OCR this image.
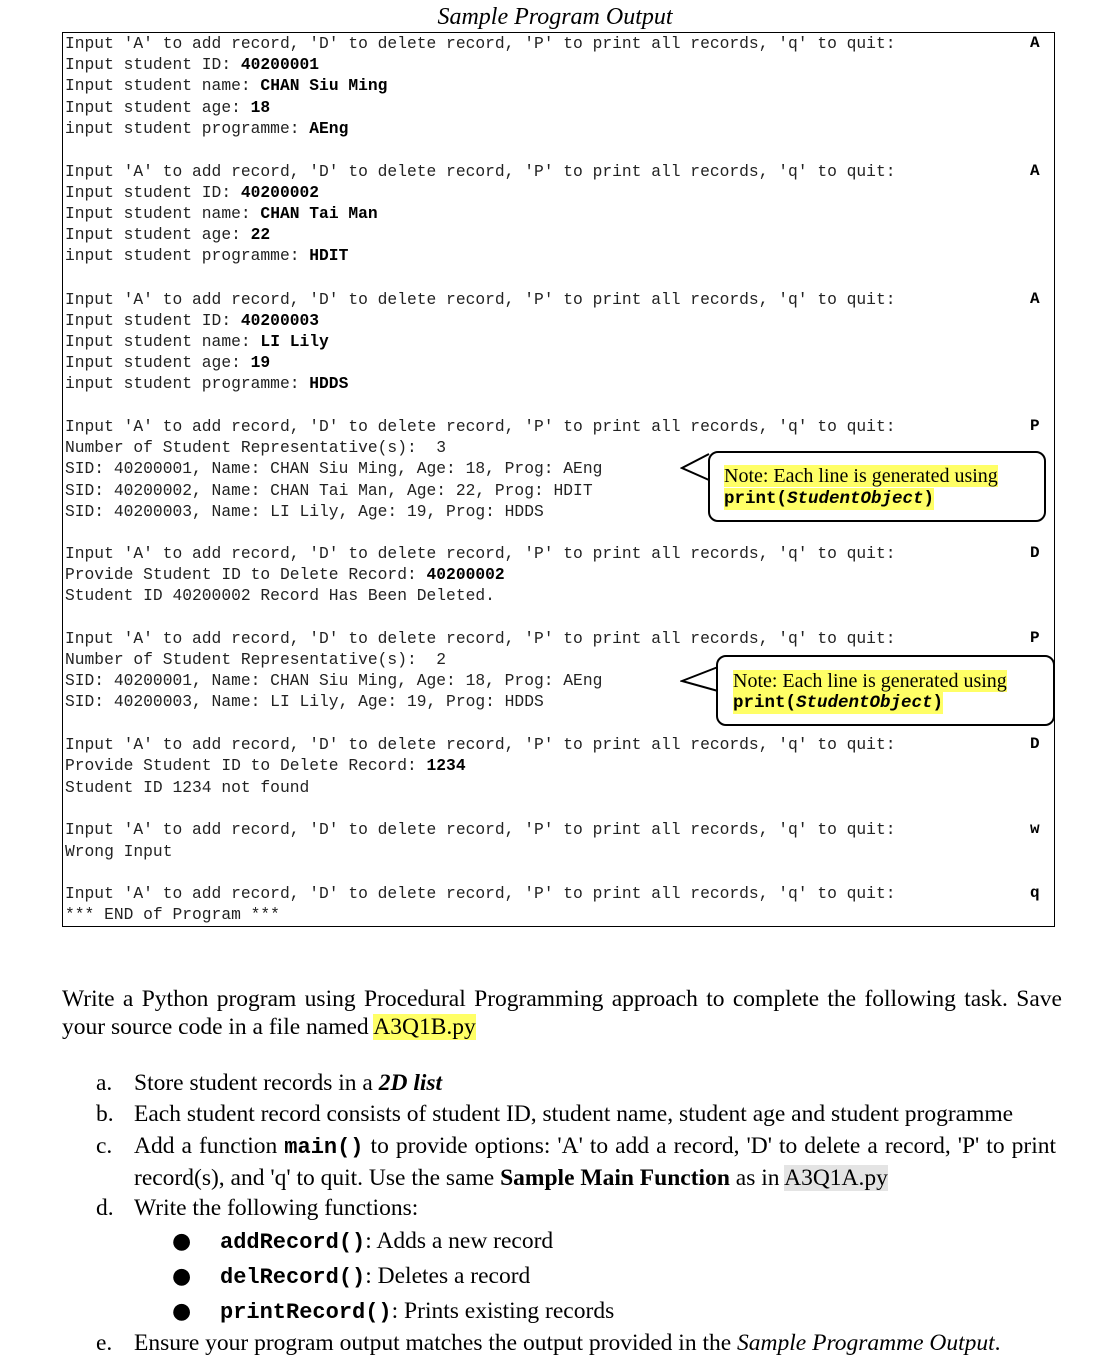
Sample Program Output
Input 'A' to add record, 'D' to delete record, 'P' to print all records, 'q' to quit:	A
Input student ID: 40200001
Input student name: CHAN Siu Ming
Input student age: 18
input student programme: AEng
Input 'A' to add record, 'D' to delete record, 'P' to print all records, 'q' to quit:	A
Input student ID: 40200002
Input student name: CHAN Tai Man
Input student age: 22
input student programme: HDIT
Input 'A' to add record, 'D' to delete record, 'P' to print all records, 'q' to quit:	A
Input student ID: 40200003
Input student name: LI Lily
Input student age: 19
input student programme: HDDS
Input 'A' to add record, 'D' to delete record, 'P' to print all records, 'q' to quit:	P
Number of Student Representative(s):  3
SID: 40200001, Name: CHAN Siu Ming, Age: 18, Prog: AEng
SID: 40200002, Name: CHAN Tai Man, Age: 22, Prog: HDIT
SID: 40200003, Name: LI Lily, Age: 19, Prog: HDDS
Note: Each line is generated using
print(StudentObject)
Input 'A' to add record, 'D' to delete record, 'P' to print all records, 'q' to quit:	D
Provide Student ID to Delete Record: 40200002
Student ID 40200002 Record Has Been Deleted.
Input 'A' to add record, 'D' to delete record, 'P' to print all records, 'q' to quit:	P
Number of Student Representative(s):  2
SID: 40200001, Name: CHAN Siu Ming, Age: 18, Prog: AEng
SID: 40200003, Name: LI Lily, Age: 19, Prog: HDDS
Note: Each line is generated using
print(StudentObject)
Input 'A' to add record, 'D' to delete record, 'P' to print all records, 'q' to quit:	D
Provide Student ID to Delete Record: 1234
Student ID 1234 not found
Input 'A' to add record, 'D' to delete record, 'P' to print all records, 'q' to quit:	w
Wrong Input
Input 'A' to add record, 'D' to delete record, 'P' to print all records, 'q' to quit:	q
*** END of Program ***
Write a Python program using Procedural Programming approach to complete the following task. Save your source code in a file named A3Q1B.py
a. Store student records in a 2D list
b. Each student record consists of student ID, student name, student age and student programme
c. Add a function main() to provide options: 'A' to add a record, 'D' to delete a record, 'P' to print record(s), and 'q' to quit. Use the same Sample Main Function as in A3Q1A.py
d. Write the following functions:
● addRecord(): Adds a new record
● delRecord(): Deletes a record
● printRecord(): Prints existing records
e. Ensure your program output matches the output provided in the Sample Programme Output.
